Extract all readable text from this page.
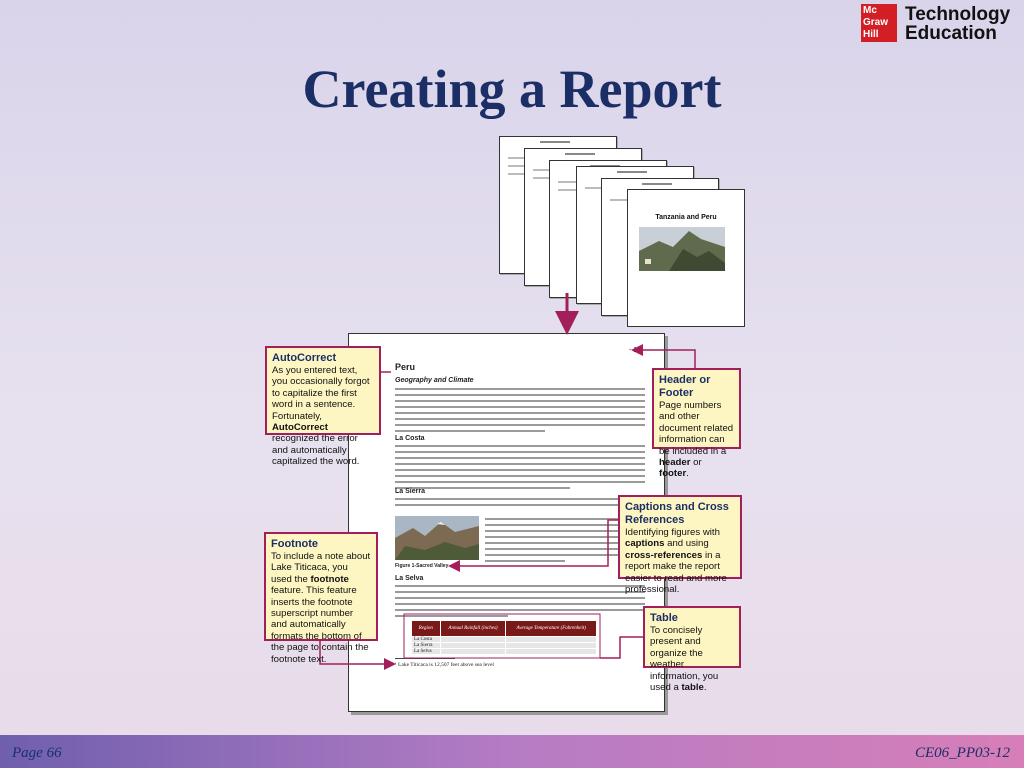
Mc Graw Hill
Technology
Education
Creating a Report
Tanzania and Peru
- 1 -
Peru
Geography and Climate
La Costa
La Sierra
Figure 1-Sacred Valley
La Selva
Region	Annual Rainfall (inches)	Average Temperature (Fahrenheit)
La Costa		
La Sierra		
La Selva		
¹ Lake Titicaca is 12,507 feet above sea level
AutoCorrect
As you entered text, you occasionally forgot to capitalize the first word in a sentence. Fortunately, AutoCorrect recognized the error and automatically capitalized the word.
Footnote
To include a note about Lake Titicaca, you used the footnote feature. This feature inserts the footnote superscript number and automatically formats the bottom of the page to contain the footnote text.
Header or Footer
Page numbers and other document related information can be included in a header or footer.
Captions and Cross References
Identifying figures with captions and using cross-references in a report make the report easier to read and more professional.
Table
To concisely present and organize the weather information, you used a table.
Page 66	CE06_PP03-12
